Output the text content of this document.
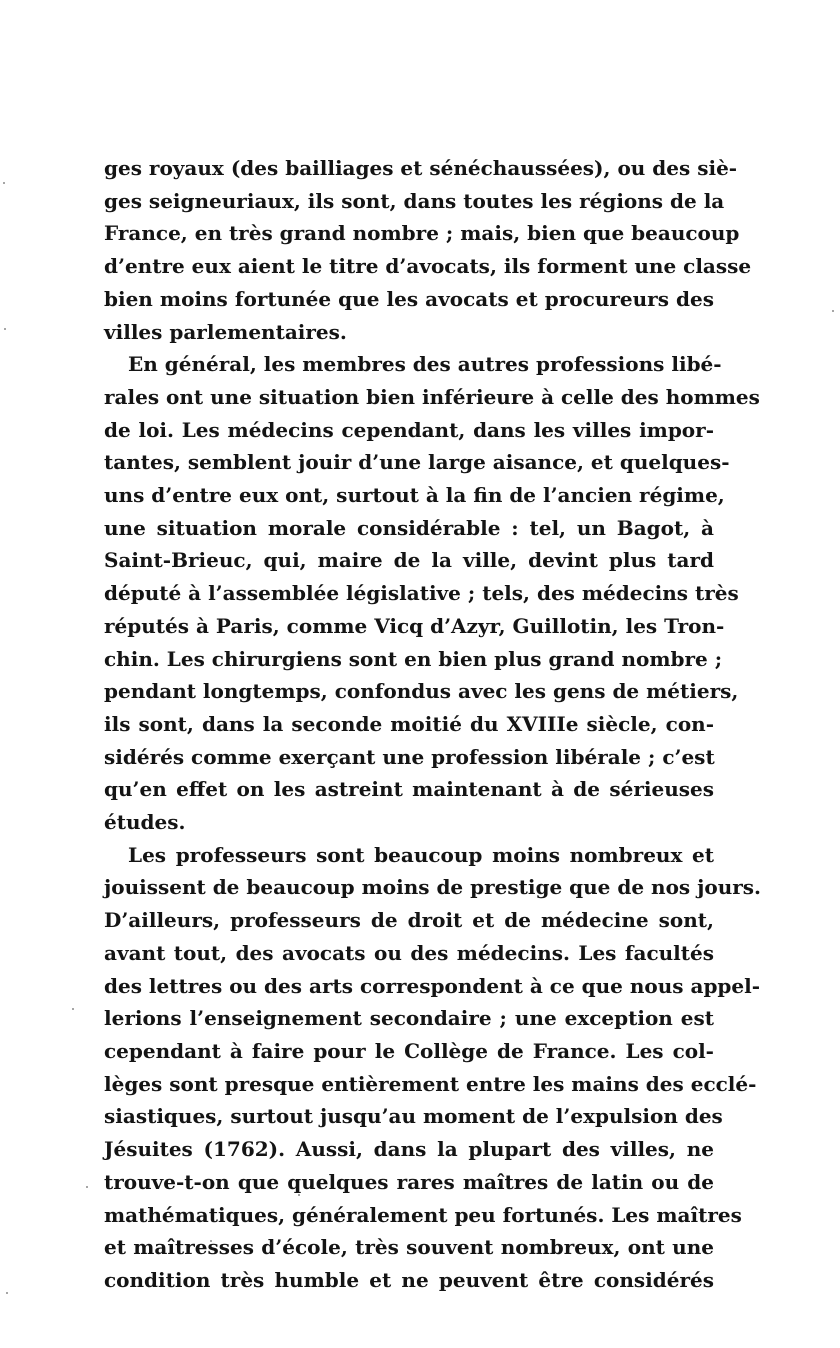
ges royaux (des bailliages et sénéchaussées), ou des siè-
ges seigneuriaux, ils sont, dans toutes les régions de la
France, en très grand nombre ; mais, bien que beaucoup
d’entre eux aient le titre d’avocats, ils forment une classe
bien moins fortunée que les avocats et procureurs des
villes parlementaires.
En général, les membres des autres professions libé-
rales ont une situation bien inférieure à celle des hommes
de loi. Les médecins cependant, dans les villes impor-
tantes, semblent jouir d’une large aisance, et quelques-
uns d’entre eux ont, surtout à la fin de l’ancien régime,
une situation morale considérable : tel, un Bagot, à
Saint-Brieuc, qui, maire de la ville, devint plus tard
député à l’assemblée législative ; tels, des médecins très
réputés à Paris, comme Vicq d’Azyr, Guillotin, les Tron-
chin. Les chirurgiens sont en bien plus grand nombre ;
pendant longtemps, confondus avec les gens de métiers,
ils sont, dans la seconde moitié du XVIIIe siècle, con-
sidérés comme exerçant une profession libérale ; c’est
qu’en effet on les astreint maintenant à de sérieuses
études.
Les professeurs sont beaucoup moins nombreux et
jouissent de beaucoup moins de prestige que de nos jours.
D’ailleurs, professeurs de droit et de médecine sont,
avant tout, des avocats ou des médecins. Les facultés
des lettres ou des arts correspondent à ce que nous appel-
lerions l’enseignement secondaire ; une exception est
cependant à faire pour le Collège de France. Les col-
lèges sont presque entièrement entre les mains des ecclé-
siastiques, surtout jusqu’au moment de l’expulsion des
Jésuites (1762). Aussi, dans la plupart des villes, ne
trouve-t-on que quelques rares maîtres de latin ou de
mathématiques, généralement peu fortunés. Les maîtres
et maîtresses d’école, très souvent nombreux, ont une
condition très humble et ne peuvent être considérés
